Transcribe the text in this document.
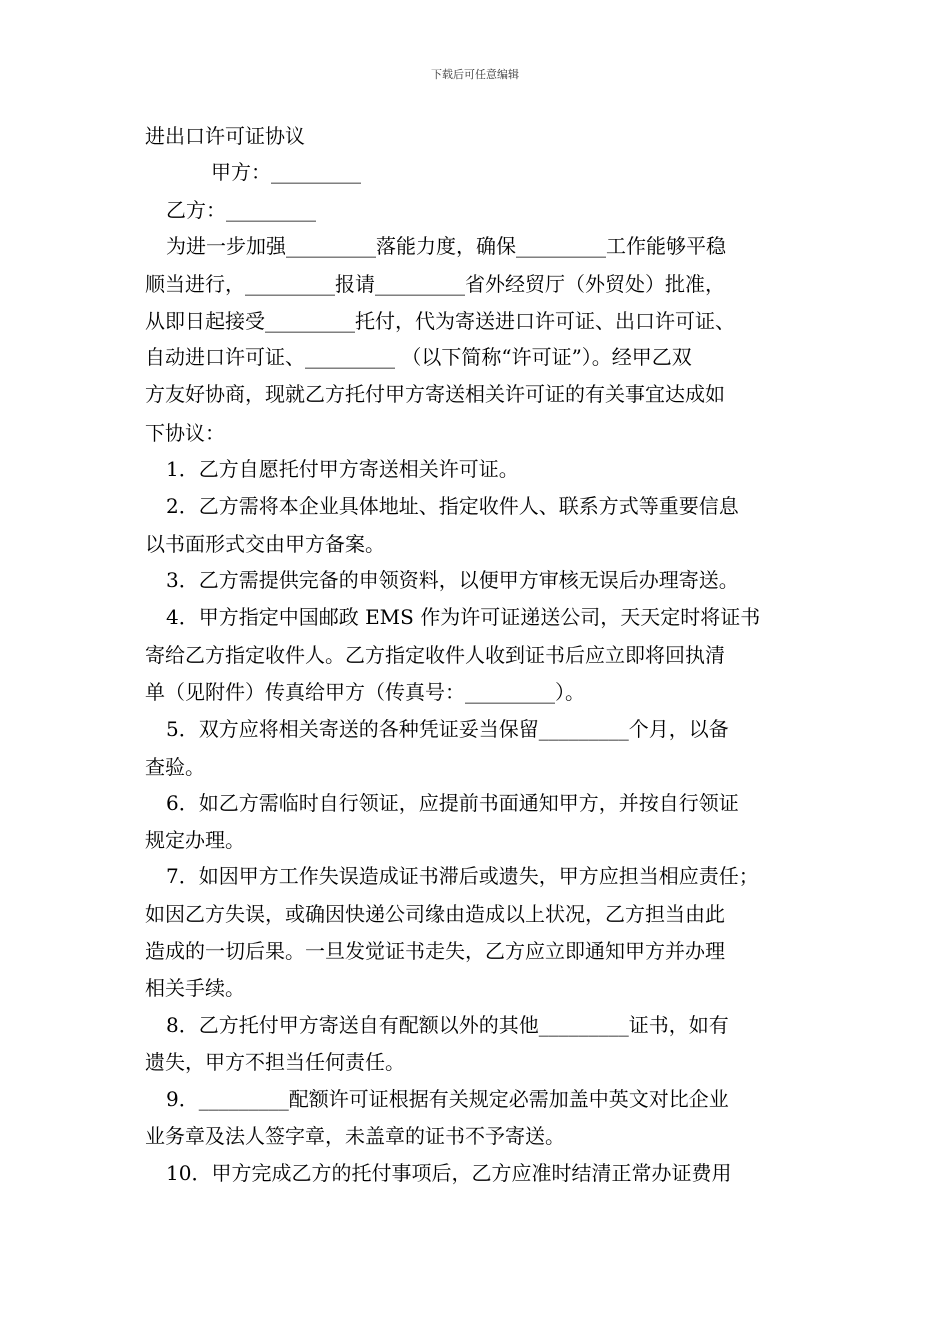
下载后可任意编辑
进出口许可证协议
甲方：_________
乙方：_________
为进一步加强_________落能力度，确保_________工作能够平稳
顺当进行，_________报请_________省外经贸厅（外贸处）批准，
从即日起接受_________托付，代为寄送进口许可证、出口许可证、
自动进口许可证、_________ （以下简称“许可证”）。经甲乙双
方友好协商，现就乙方托付甲方寄送相关许可证的有关事宜达成如
下协议：
1．乙方自愿托付甲方寄送相关许可证。
2．乙方需将本企业具体地址、指定收件人、联系方式等重要信息
以书面形式交由甲方备案。
3．乙方需提供完备的申领资料，以便甲方审核无误后办理寄送。
4．甲方指定中国邮政 EMS 作为许可证递送公司，天天定时将证书
寄给乙方指定收件人。乙方指定收件人收到证书后应立即将回执清
单（见附件）传真给甲方（传真号：_________）。
5．双方应将相关寄送的各种凭证妥当保留_________个月，以备
查验。
6．如乙方需临时自行领证，应提前书面通知甲方，并按自行领证
规定办理。
7．如因甲方工作失误造成证书滞后或遗失，甲方应担当相应责任；
如因乙方失误，或确因快递公司缘由造成以上状况，乙方担当由此
造成的一切后果。一旦发觉证书走失，乙方应立即通知甲方并办理
相关手续。
8．乙方托付甲方寄送自有配额以外的其他_________证书，如有
遗失，甲方不担当任何责任。
9．_________配额许可证根据有关规定必需加盖中英文对比企业
业务章及法人签字章，未盖章的证书不予寄送。
10．甲方完成乙方的托付事项后，乙方应准时结清正常办证费用
